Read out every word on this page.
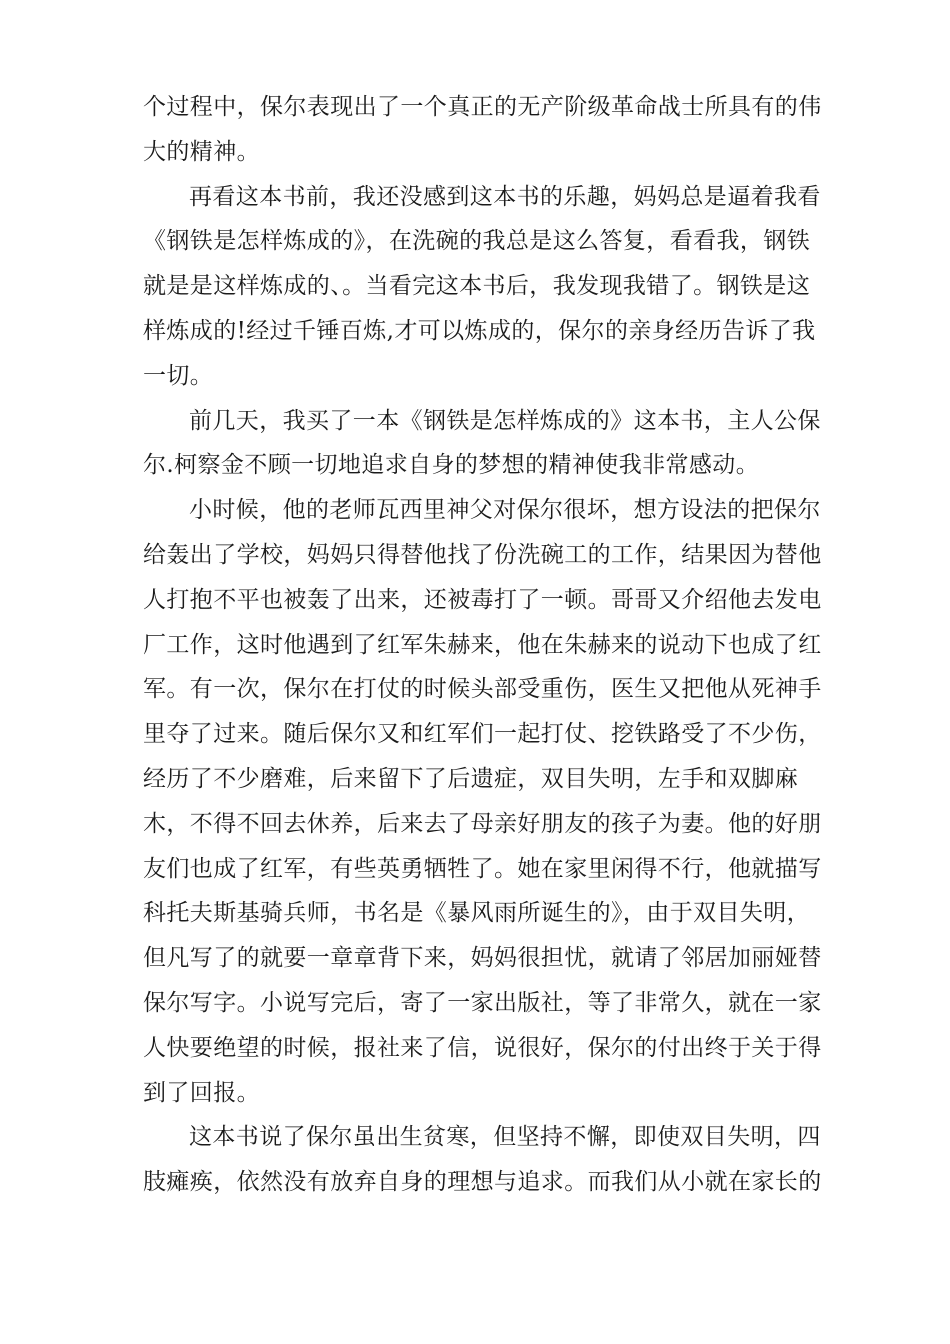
个过程中，保尔表现出了一个真正的无产阶级革命战士所具有的伟
大的精神。
再看这本书前，我还没感到这本书的乐趣，妈妈总是逼着我看
《钢铁是怎样炼成的》，在洗碗的我总是这么答复，看看我，钢铁
就是是这样炼成的、。当看完这本书后，我发现我错了。钢铁是这
样炼成的!经过千锤百炼,才可以炼成的，保尔的亲身经历告诉了我
一切。
前几天，我买了一本《钢铁是怎样炼成的》这本书，主人公保
尔.柯察金不顾一切地追求自身的梦想的精神使我非常感动。
小时候，他的老师瓦西里神父对保尔很坏，想方设法的把保尔
给轰出了学校，妈妈只得替他找了份洗碗工的工作，结果因为替他
人打抱不平也被轰了出来，还被毒打了一顿。哥哥又介绍他去发电
厂工作，这时他遇到了红军朱赫来，他在朱赫来的说动下也成了红
军。有一次，保尔在打仗的时候头部受重伤，医生又把他从死神手
里夺了过来。随后保尔又和红军们一起打仗、挖铁路受了不少伤，
经历了不少磨难，后来留下了后遗症，双目失明，左手和双脚麻
木，不得不回去休养，后来去了母亲好朋友的孩子为妻。他的好朋
友们也成了红军，有些英勇牺牲了。她在家里闲得不行，他就描写
科托夫斯基骑兵师，书名是《暴风雨所诞生的》，由于双目失明，
但凡写了的就要一章章背下来，妈妈很担忧，就请了邻居加丽娅替
保尔写字。小说写完后，寄了一家出版社，等了非常久，就在一家
人快要绝望的时候，报社来了信，说很好，保尔的付出终于关于得
到了回报。
这本书说了保尔虽出生贫寒，但坚持不懈，即使双目失明，四
肢瘫痪，依然没有放弃自身的理想与追求。而我们从小就在家长的
